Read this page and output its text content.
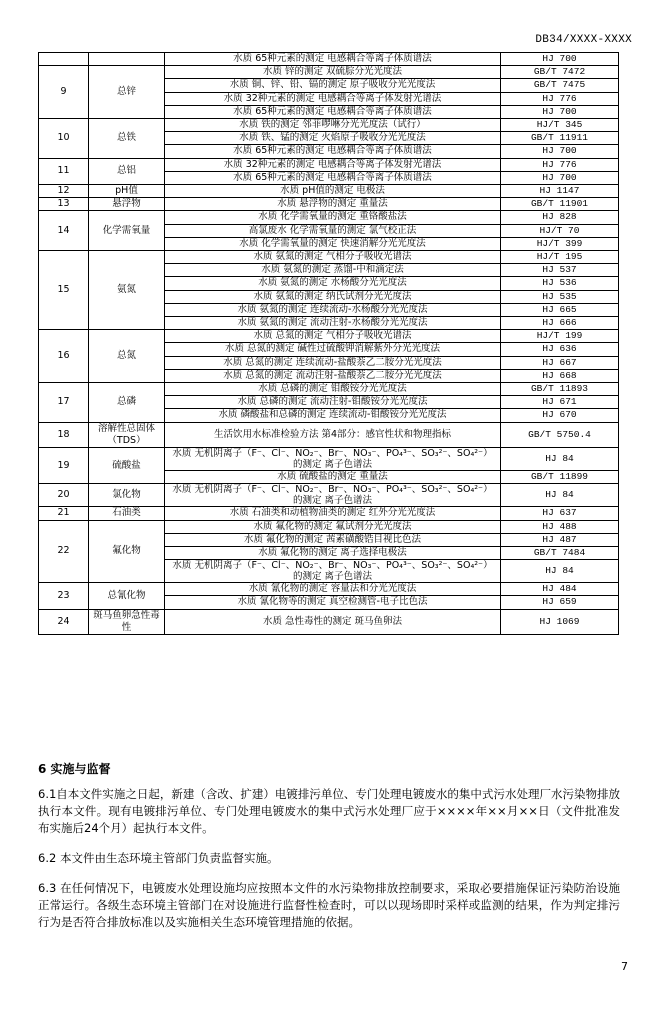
DB34/XXXX-XXXX
		水质 65种元素的测定 电感耦合等离子体质谱法	HJ 700
9	总锌	水质 锌的测定 双硫腙分光光度法	GB/T 7472
		水质 铜、锌、铅、镉的测定 原子吸收分光光度法	GB/T 7475
		水质 32种元素的测定 电感耦合等离子体发射光谱法	HJ 776
		水质 65种元素的测定 电感耦合等离子体质谱法	HJ 700
10	总铁	水质 铁的测定 邻菲啰啉分光光度法（试行）	HJ/T 345
		水质 铁、锰的测定 火焰原子吸收分光光度法	GB/T 11911
		水质 65种元素的测定 电感耦合等离子体质谱法	HJ 700
11	总铝	水质 32种元素的测定 电感耦合等离子体发射光谱法	HJ 776
		水质 65种元素的测定 电感耦合等离子体质谱法	HJ 700
12	pH值	水质 pH值的测定 电极法	HJ 1147
13	悬浮物	水质 悬浮物的测定 重量法	GB/T 11901
14	化学需氧量	水质 化学需氧量的测定 重铬酸盐法	HJ 828
		高氯废水 化学需氧量的测定 氯气校正法	HJ/T 70
		水质 化学需氧量的测定 快速消解分光光度法	HJ/T 399
15	氨氮	水质 氨氮的测定 气相分子吸收光谱法	HJ/T 195
		水质 氨氮的测定 蒸馏-中和滴定法	HJ 537
		水质 氨氮的测定 水杨酸分光光度法	HJ 536
		水质 氨氮的测定 纳氏试剂分光光度法	HJ 535
		水质 氨氮的测定 连续流动-水杨酸分光光度法	HJ 665
		水质 氨氮的测定 流动注射-水杨酸分光光度法	HJ 666
16	总氮	水质 总氮的测定 气相分子吸收光谱法	HJ/T 199
		水质 总氮的测定 碱性过硫酸钾消解紫外分光光度法	HJ 636
		水质 总氮的测定 连续流动-盐酸萘乙二胺分光光度法	HJ 667
		水质 总氮的测定 流动注射-盐酸萘乙二胺分光光度法	HJ 668
17	总磷	水质 总磷的测定 钼酸铵分光光度法	GB/T 11893
		水质 总磷的测定 流动注射-钼酸铵分光光度法	HJ 671
		水质 磷酸盐和总磷的测定 连续流动-钼酸铵分光光度法	HJ 670
18	溶解性总固体（TDS）	生活饮用水标准检验方法 第4部分：感官性状和物理指标	GB/T 5750.4
19	硫酸盐	水质 无机阴离子（F⁻、Cl⁻、NO₂⁻、Br⁻、NO₃⁻、PO₄³⁻、SO₃²⁻、SO₄²⁻）的测定 离子色谱法	HJ 84
		水质 硫酸盐的测定 重量法	GB/T 11899
20	氯化物	水质 无机阴离子（F⁻、Cl⁻、NO₂⁻、Br⁻、NO₃⁻、PO₄³⁻、SO₃²⁻、SO₄²⁻）的测定 离子色谱法	HJ 84
21	石油类	水质 石油类和动植物油类的测定 红外分光光度法	HJ 637
22	氟化物	水质 氟化物的测定 氟试剂分光光度法	HJ 488
		水质 氟化物的测定 茜素磺酸锆目视比色法	HJ 487
		水质 氟化物的测定 离子选择电极法	GB/T 7484
		水质 无机阴离子（F⁻、Cl⁻、NO₂⁻、Br⁻、NO₃⁻、PO₄³⁻、SO₃²⁻、SO₄²⁻）的测定 离子色谱法	HJ 84
23	总氰化物	水质 氰化物的测定 容量法和分光光度法	HJ 484
		水质 氰化物等的测定 真空检测管-电子比色法	HJ 659
24	斑马鱼卵急性毒性	水质 急性毒性的测定 斑马鱼卵法	HJ 1069
6 实施与监督
6.1自本文件实施之日起，新建（含改、扩建）电镀排污单位、专门处理电镀废水的集中式污水处理厂水污染物排放执行本文件。现有电镀排污单位、专门处理电镀废水的集中式污水处理厂应于××××年××月××日（文件批准发布实施后24个月）起执行本文件。
6.2 本文件由生态环境主管部门负责监督实施。
6.3 在任何情况下，电镀废水处理设施均应按照本文件的水污染物排放控制要求，采取必要措施保证污染防治设施正常运行。各级生态环境主管部门在对设施进行监督性检查时，可以以现场即时采样或监测的结果，作为判定排污行为是否符合排放标准以及实施相关生态环境管理措施的依据。
7
